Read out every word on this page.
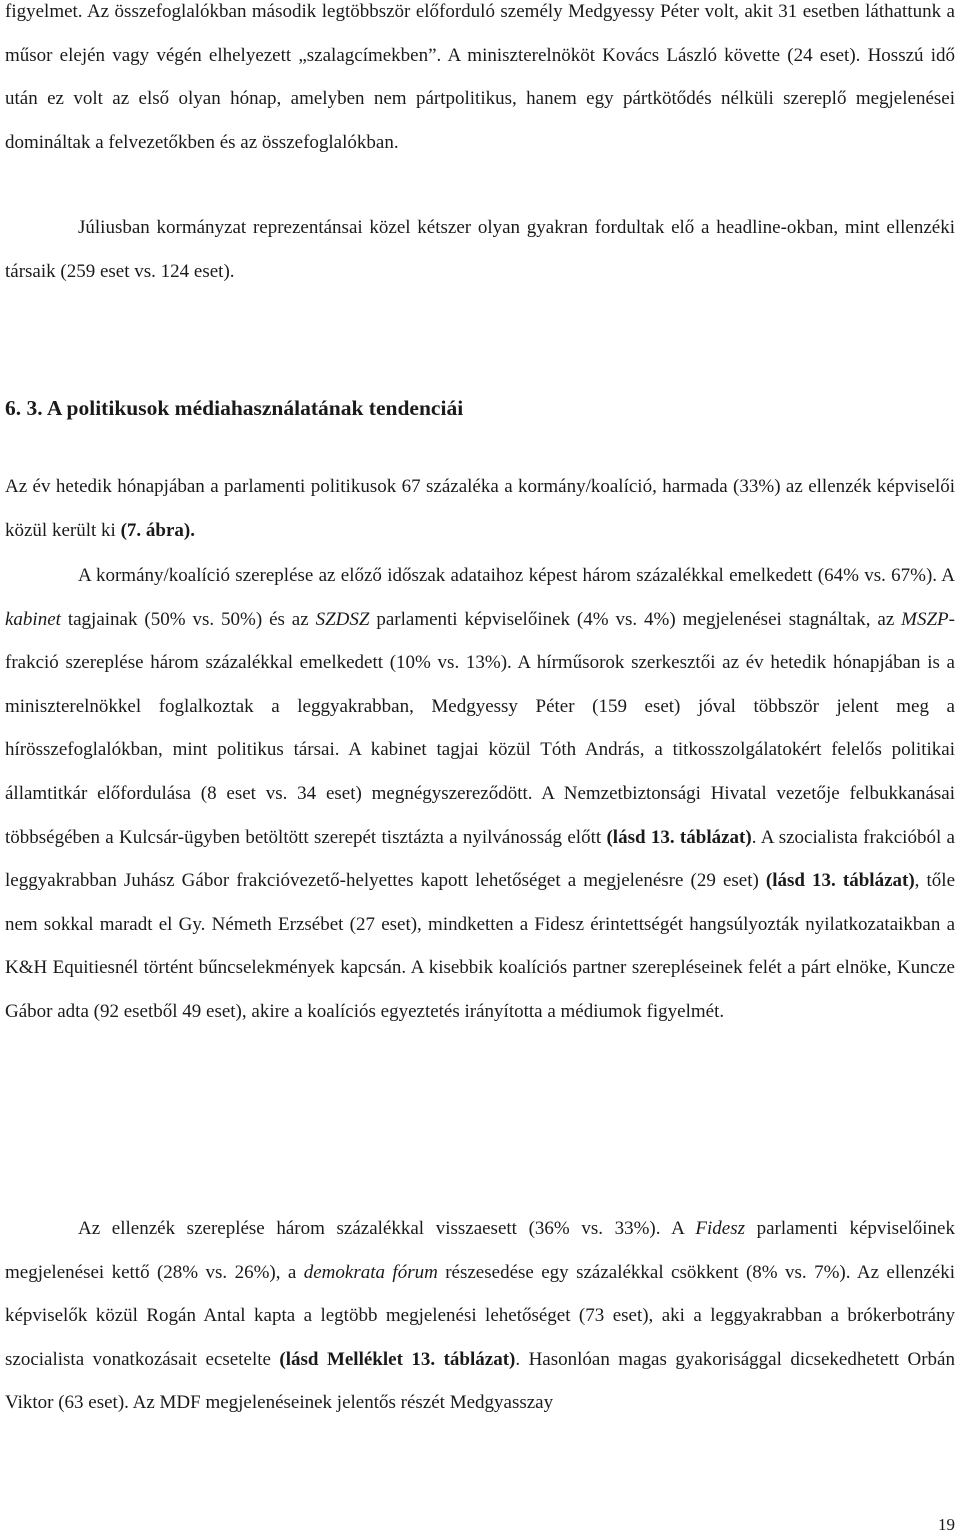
figyelmet. Az összefoglalókban második legtöbbször előforduló személy Medgyessy Péter volt, akit 31 esetben láthattunk a műsor elején vagy végén elhelyezett „szalagcímekben”. A miniszterelnököt Kovács László követte (24 eset). Hosszú idő után ez volt az első olyan hónap, amelyben nem pártpolitikus, hanem egy pártkötődés nélküli szereplő megjelenései domináltak a felvezetőkben és az összefoglalókban.

Júliusban kormányzat reprezentánsai közel kétszer olyan gyakran fordultak elő a headline-okban, mint ellenzéki társaik (259 eset vs. 124 eset).

6. 3. A politikusok médiahasználatának tendenciái

Az év hetedik hónapjában a parlamenti politikusok 67 százaléka a kormány/koalíció, harmada (33%) az ellenzék képviselői közül került ki (7. ábra).

A kormány/koalíció szereplése az előző időszak adataihoz képest három százalékkal emelkedett (64% vs. 67%). A kabinet tagjainak (50% vs. 50%) és az SZDSZ parlamenti képviselőinek (4% vs. 4%) megjelenései stagnáltak, az MSZP-frakció szereplése három százalékkal emelkedett (10% vs. 13%). A hírműsorok szerkesztői az év hetedik hónapjában is a miniszterelnökkel foglalkoztak a leggyakrabban, Medgyessy Péter (159 eset) jóval többször jelent meg a hírösszefoglalókban, mint politikus társai. A kabinet tagjai közül Tóth András, a titkosszolgálatokért felelős politikai államtitkár előfordulása (8 eset vs. 34 eset) megnégyszereződött. A Nemzetbiztonsági Hivatal vezetője felbukkanásai többségében a Kulcsár-ügyben betöltött szerepét tisztázta a nyilvánosság előtt (lásd 13. táblázat). A szocialista frakcióból a leggyakrabban Juhász Gábor frakcióvezető-helyettes kapott lehetőséget a megjelenésre (29 eset) (lásd 13. táblázat), tőle nem sokkal maradt el Gy. Németh Erzsébet (27 eset), mindketten a Fidesz érintettségét hangsúlyozták nyilatkozataikban a K&H Equitiesnél történt bűncselekmények kapcsán. A kisebbik koalíciós partner szerepléseinek felét a párt elnöke, Kuncze Gábor adta (92 esetből 49 eset), akire a koalíciós egyeztetés irányította a médiumok figyelmét.

Az ellenzék szereplése három százalékkal visszaesett (36% vs. 33%). A Fidesz parlamenti képviselőinek megjelenései kettő (28% vs. 26%), a demokrata fórum részesedése egy százalékkal csökkent (8% vs. 7%). Az ellenzéki képviselők közül Rogán Antal kapta a legtöbb megjelenési lehetőséget (73 eset), aki a leggyakrabban a brókerbotrány szocialista vonatkozásait ecsetelte (lásd Melléklet 13. táblázat). Hasonlóan magas gyakorisággal dicsekedhetett Orbán Viktor (63 eset). Az MDF megjelenéseinek jelentős részét Medgyasszay

19
